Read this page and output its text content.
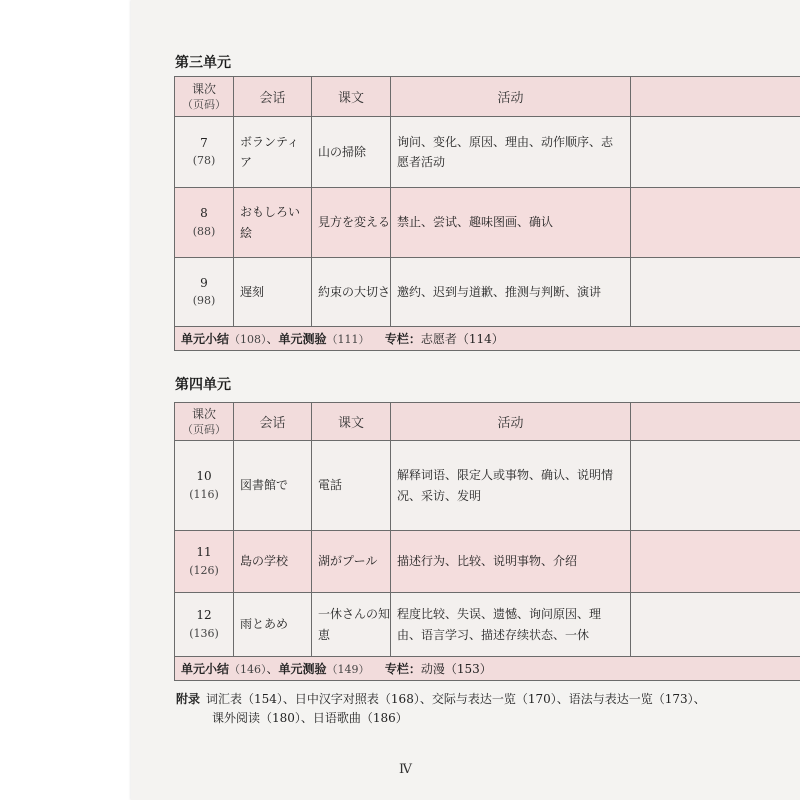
第三单元
课次
（页码）	会话	课文	活动	
7
(78)	ボランティア	山の掃除	询问、变化、原因、理由、动作顺序、志愿者活动	
8
(88)	おもしろい絵	見方を変える	禁止、尝试、趣味图画、确认	
9
(98)	遅刻	約束の大切さ	邀约、迟到与道歉、推测与判断、演讲	
单元小结（108）、单元测验（111） 专栏：志愿者（114）				
第四单元
课次
（页码）	会话	课文	活动	
10
(116)	図書館で	電話	解释词语、限定人或事物、确认、说明情况、采访、发明	
11
(126)	島の学校	湖がプール	描述行为、比较、说明事物、介绍	
12
(136)	雨とあめ	一休さんの知恵	程度比较、失误、遗憾、询问原因、理由、语言学习、描述存续状态、一休	
单元小结（146）、单元测验（149） 专栏：动漫（153）				
附录 词汇表（154）、日中汉字对照表（168）、交际与表达一览（170）、语法与表达一览（173）、
课外阅读（180）、日语歌曲（186）
Ⅳ
